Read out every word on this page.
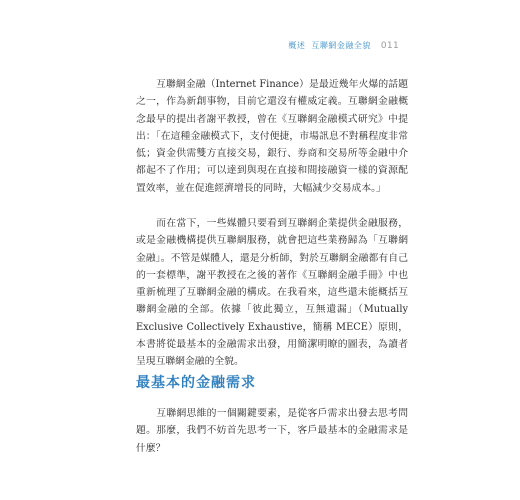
概述 互聯網金融全貌 011

互聯網金融（Internet Finance）是最近幾年火爆的話題之一，作為新創事物，目前它還沒有權威定義。互聯網金融概念最早的提出者謝平教授，曾在《互聯網金融模式研究》中提出：「在這種金融模式下，支付便捷，市場訊息不對稱程度非常低；資金供需雙方直接交易，銀行、券商和交易所等金融中介都起不了作用；可以達到與現在直接和間接融資一樣的資源配置效率，並在促進經濟增長的同時，大幅減少交易成本。」

而在當下，一些媒體只要看到互聯網企業提供金融服務，或是金融機構提供互聯網服務，就會把這些業務歸為「互聯網金融」。不管是媒體人，還是分析師，對於互聯網金融都有自己的一套標準，謝平教授在之後的著作《互聯網金融手冊》中也重新梳理了互聯網金融的構成。在我看來，這些還未能概括互聯網金融的全部。依據「彼此獨立，互無遺漏」（Mutually Exclusive Collectively Exhaustive，簡稱 MECE）原則，本書將從最基本的金融需求出發，用簡潔明瞭的圖表，為讀者呈現互聯網金融的全貌。

最基本的金融需求

互聯網思維的一個關鍵要素，是從客戶需求出發去思考問題。那麼，我們不妨首先思考一下，客戶最基本的金融需求是什麼？
